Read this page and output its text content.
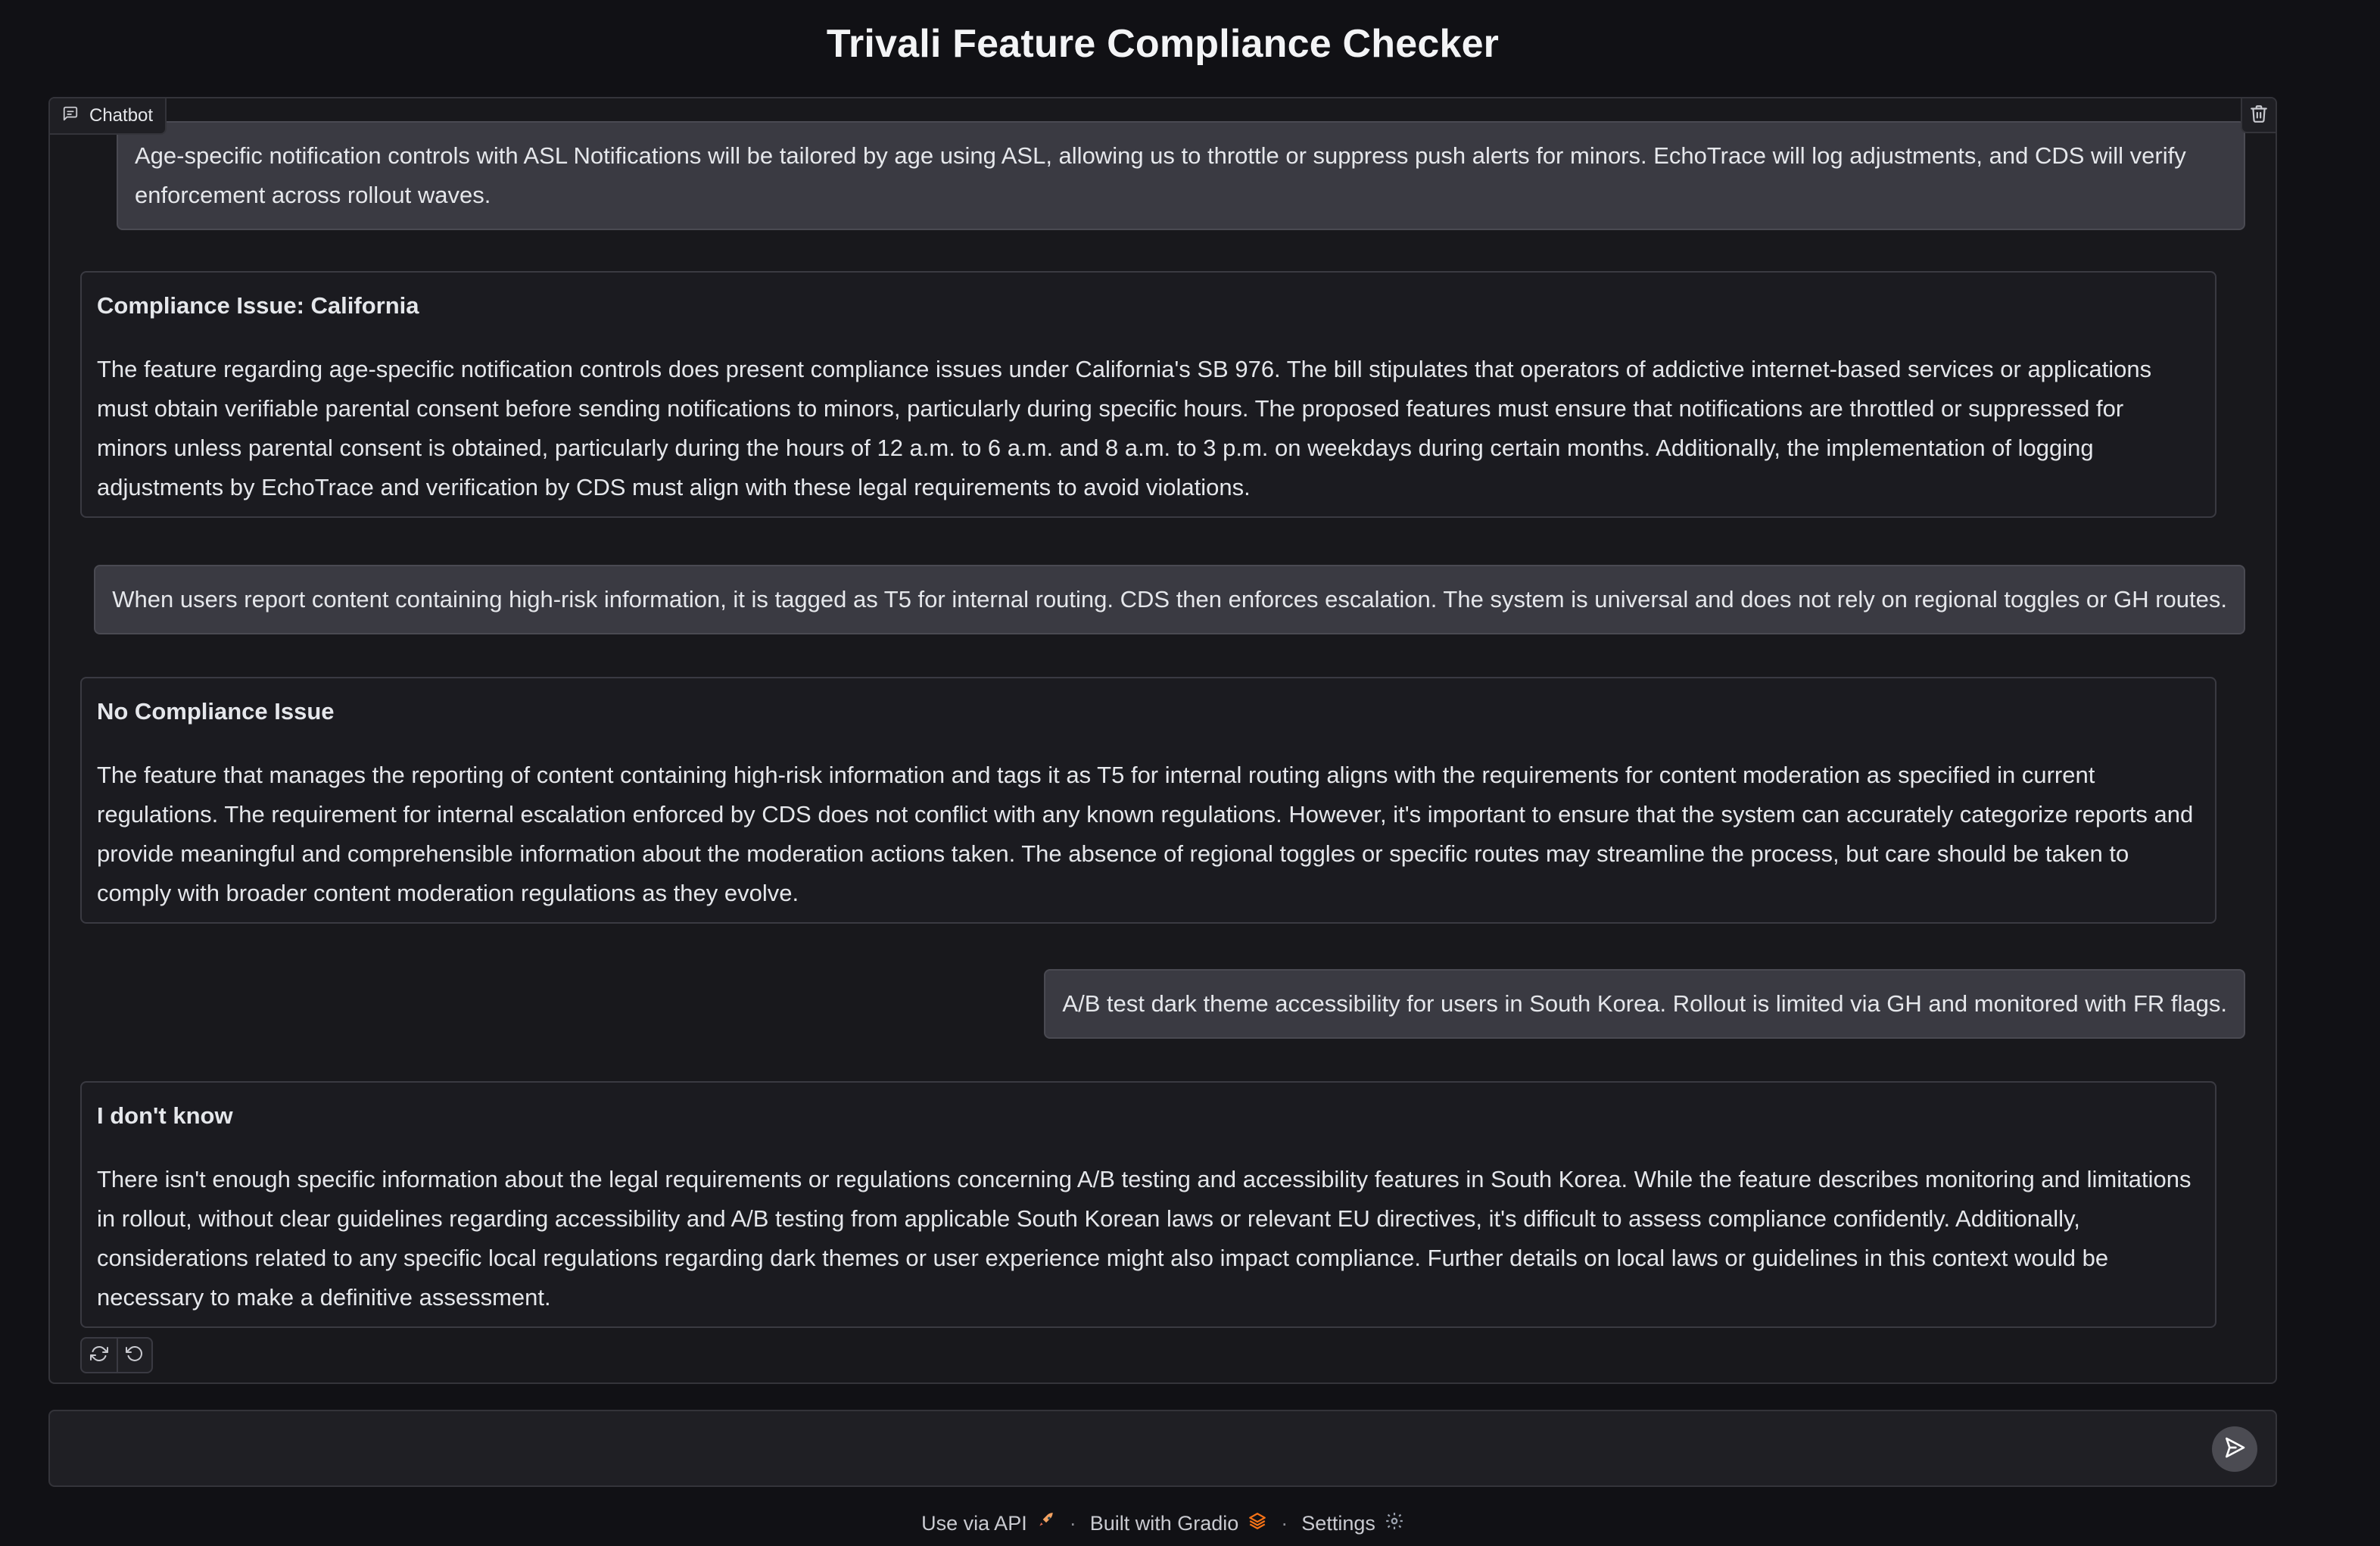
Trivali Feature Compliance Checker
Chatbot
Age-specific notification controls with ASL Notifications will be tailored by age using ASL, allowing us to throttle or suppress push alerts for minors. EchoTrace will log adjustments, and CDS will verify enforcement across rollout waves.

Compliance Issue: California

The feature regarding age-specific notification controls does present compliance issues under California's SB 976. The bill stipulates that operators of addictive internet-based services or applications must obtain verifiable parental consent before sending notifications to minors, particularly during specific hours. The proposed features must ensure that notifications are throttled or suppressed for minors unless parental consent is obtained, particularly during the hours of 12 a.m. to 6 a.m. and 8 a.m. to 3 p.m. on weekdays during certain months. Additionally, the implementation of logging adjustments by EchoTrace and verification by CDS must align with these legal requirements to avoid violations.

When users report content containing high-risk information, it is tagged as T5 for internal routing. CDS then enforces escalation. The system is universal and does not rely on regional toggles or GH routes.

No Compliance Issue

The feature that manages the reporting of content containing high-risk information and tags it as T5 for internal routing aligns with the requirements for content moderation as specified in current regulations. The requirement for internal escalation enforced by CDS does not conflict with any known regulations. However, it's important to ensure that the system can accurately categorize reports and provide meaningful and comprehensible information about the moderation actions taken. The absence of regional toggles or specific routes may streamline the process, but care should be taken to comply with broader content moderation regulations as they evolve.

A/B test dark theme accessibility for users in South Korea. Rollout is limited via GH and monitored with FR flags.

I don't know

There isn't enough specific information about the legal requirements or regulations concerning A/B testing and accessibility features in South Korea. While the feature describes monitoring and limitations in rollout, without clear guidelines regarding accessibility and A/B testing from applicable South Korean laws or relevant EU directives, it's difficult to assess compliance confidently. Additionally, considerations related to any specific local regulations regarding dark themes or user experience might also impact compliance. Further details on local laws or guidelines in this context would be necessary to make a definitive assessment.

Use via API · Built with Gradio · Settings
